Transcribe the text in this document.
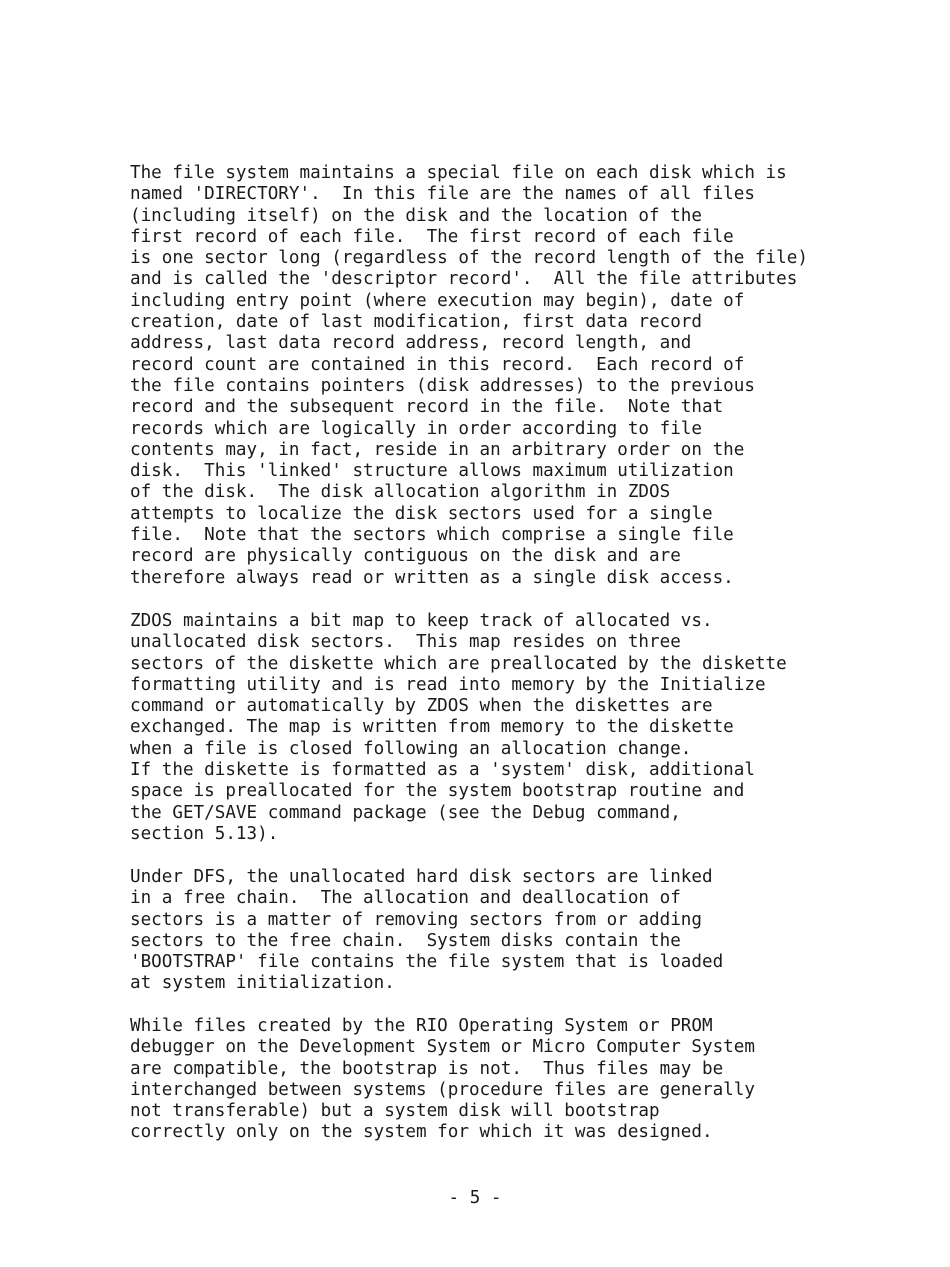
The file system maintains a special file on each disk which is
named 'DIRECTORY'.  In this file are the names of all files
(including itself) on the disk and the location of the
first record of each file.  The first record of each file
is one sector long (regardless of the record length of the file)
and is called the 'descriptor record'.  All the file attributes
including entry point (where execution may begin), date of
creation, date of last modification, first data record
address, last data record address, record length, and
record count are contained in this record.  Each record of
the file contains pointers (disk addresses) to the previous
record and the subsequent record in the file.  Note that
records which are logically in order according to file
contents may, in fact, reside in an arbitrary order on the
disk.  This 'linked' structure allows maximum utilization
of the disk.  The disk allocation algorithm in ZDOS
attempts to localize the disk sectors used for a single
file.  Note that the sectors which comprise a single file
record are physically contiguous on the disk and are
therefore always read or written as a single disk access.

ZDOS maintains a bit map to keep track of allocated vs.
unallocated disk sectors.  This map resides on three
sectors of the diskette which are preallocated by the diskette
formatting utility and is read into memory by the Initialize
command or automatically by ZDOS when the diskettes are
exchanged. The map is written from memory to the diskette
when a file is closed following an allocation change.
If the diskette is formatted as a 'system' disk, additional
space is preallocated for the system bootstrap routine and
the GET/SAVE command package (see the Debug command,
section 5.13).

Under DFS, the unallocated hard disk sectors are linked
in a free chain.  The allocation and deallocation of
sectors is a matter of removing sectors from or adding
sectors to the free chain.  System disks contain the
'BOOTSTRAP' file contains the file system that is loaded
at system initialization.

While files created by the RIO Operating System or PROM
debugger on the Development System or Micro Computer System
are compatible, the bootstrap is not.  Thus files may be
interchanged between systems (procedure files are generally
not transferable) but a system disk will bootstrap
correctly only on the system for which it was designed.

- 5 -
